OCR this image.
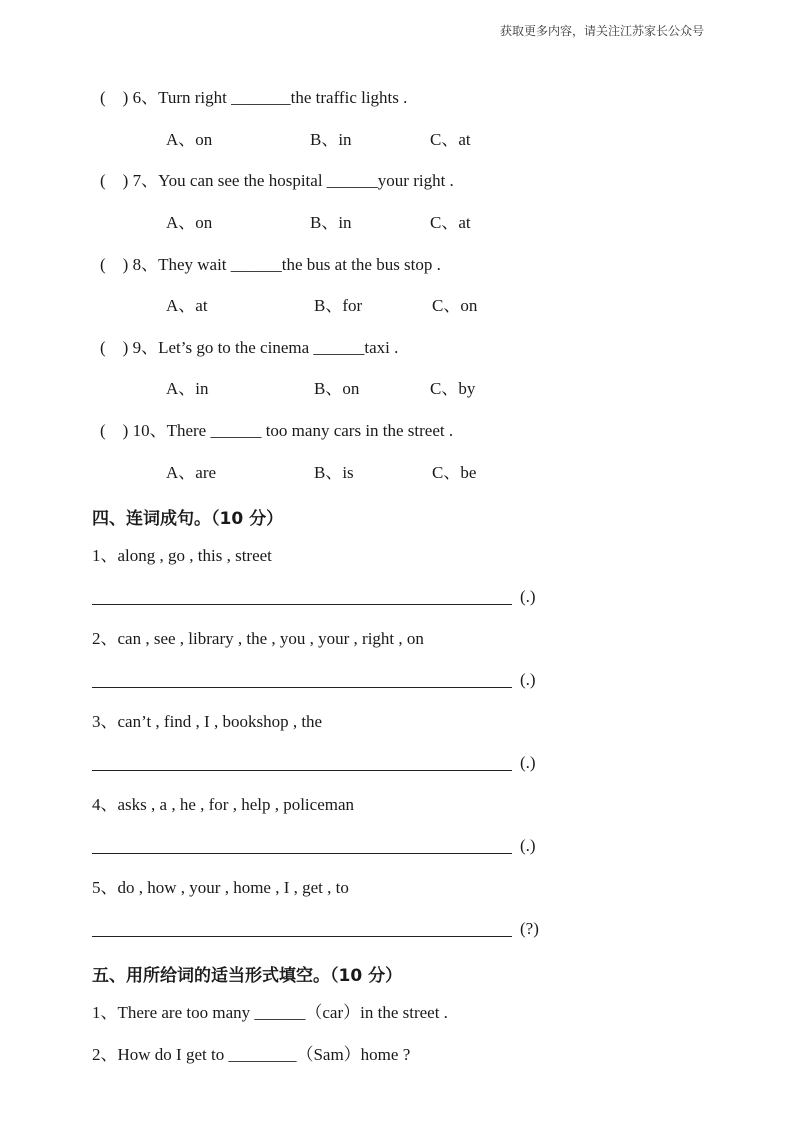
获取更多内容，请关注江苏家长公众号
(　) 6、Turn right _______the traffic lights .
A、on	B、in	C、at
(　) 7、You can see the hospital ______your right .
A、on	B、in	C、at
(　) 8、They wait ______the bus at the bus stop .
A、at	B、for	C、on
(　) 9、Let’s go to the cinema ______taxi .
A、in	B、on	C、by
(　) 10、There ______ too many cars in the street .
A、are	B、is	C、be
四、连词成句。（10 分）
1、along , go , this , street
(.)
2、can , see , library , the , you , your , right , on
(.)
3、can’t , find , I , bookshop , the
(.)
4、asks , a , he , for , help , policeman
(.)
5、do , how , your , home , I , get , to
(?)
五、用所给词的适当形式填空。（10 分）
1、There are too many ______（car）in the street .
2、How do I get to ________（Sam）home ?
